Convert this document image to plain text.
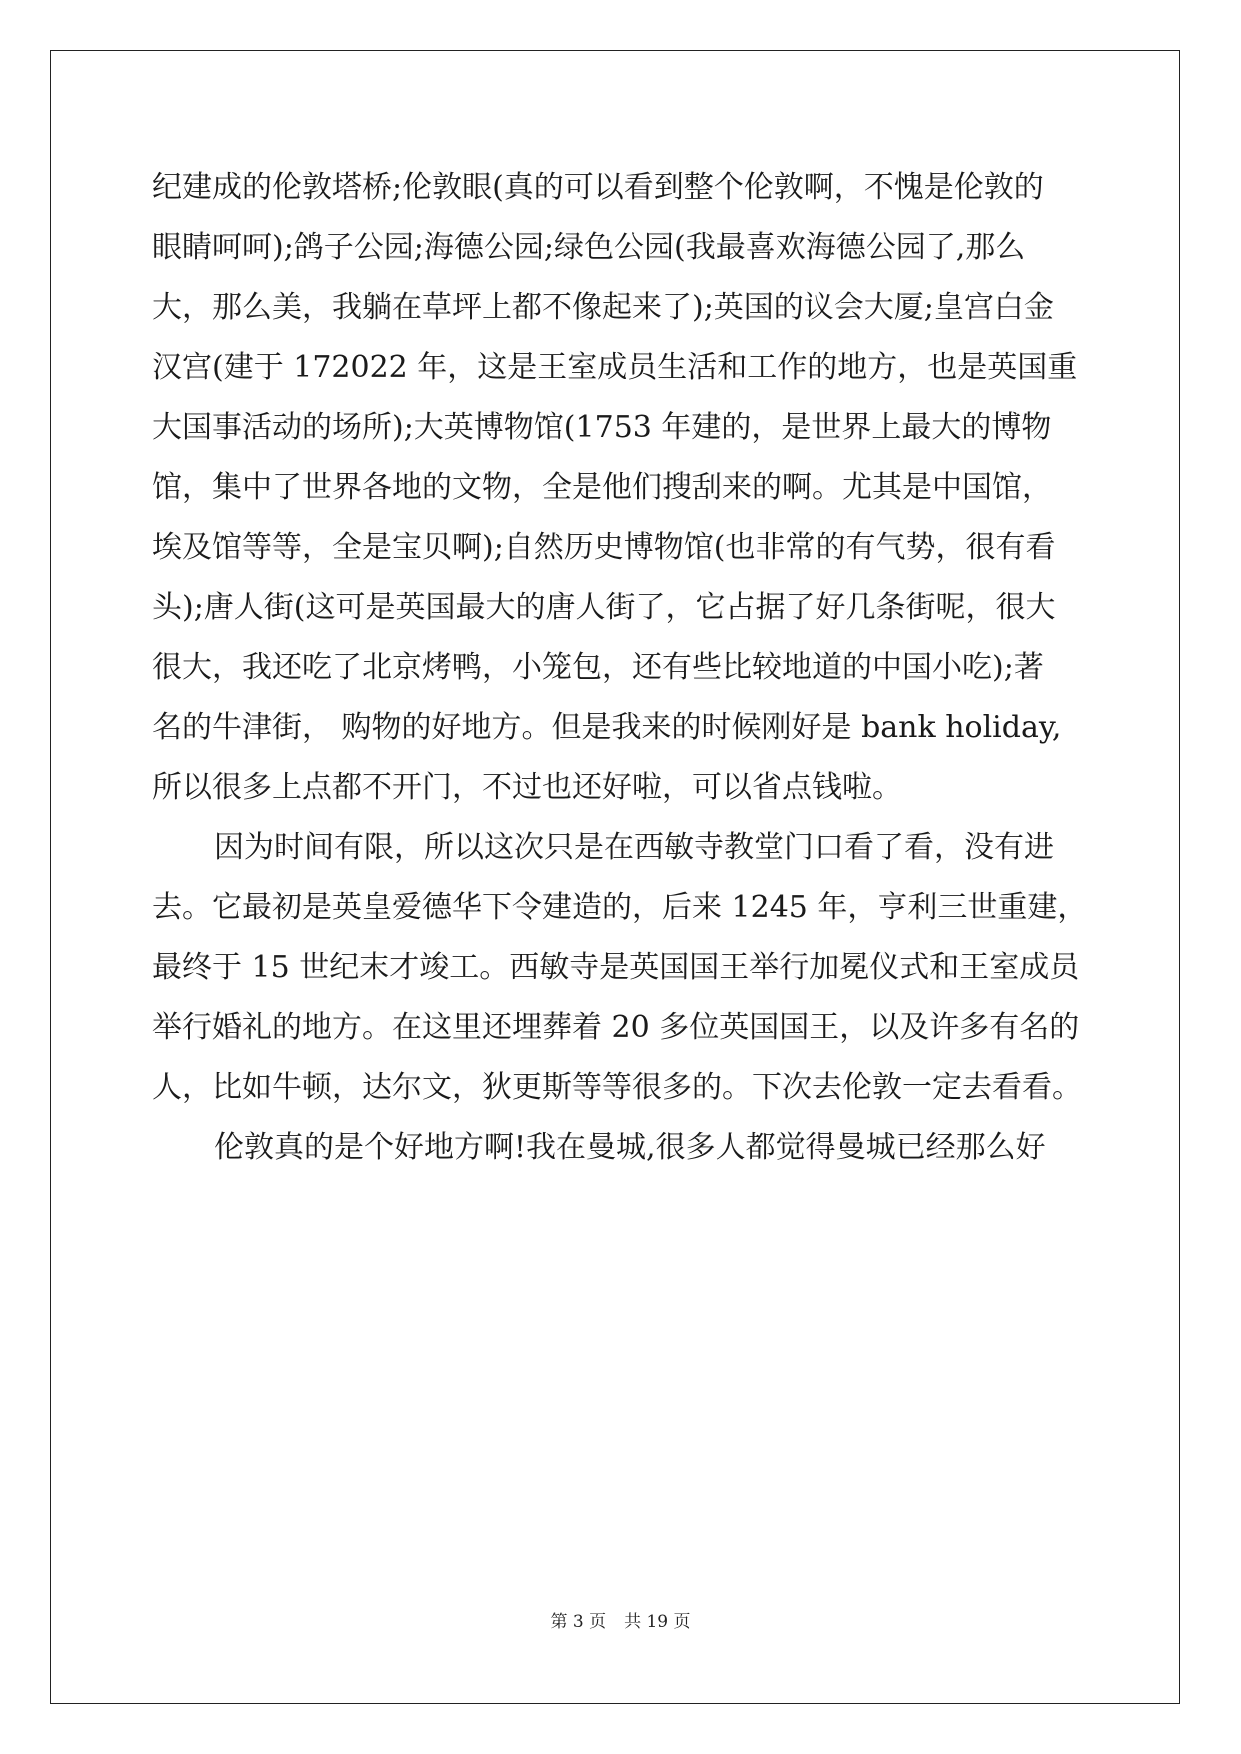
纪建成的伦敦塔桥;伦敦眼(真的可以看到整个伦敦啊，不愧是伦敦的
眼睛呵呵);鸽子公园;海德公园;绿色公园(我最喜欢海德公园了,那么
大，那么美，我躺在草坪上都不像起来了);英国的议会大厦;皇宫白金
汉宫(建于 172022 年，这是王室成员生活和工作的地方，也是英国重
大国事活动的场所);大英博物馆(1753 年建的，是世界上最大的博物
馆，集中了世界各地的文物，全是他们搜刮来的啊。尤其是中国馆，
埃及馆等等，全是宝贝啊);自然历史博物馆(也非常的有气势，很有看
头);唐人街(这可是英国最大的唐人街了，它占据了好几条街呢，很大
很大，我还吃了北京烤鸭，小笼包，还有些比较地道的中国小吃);著
名的牛津街， 购物的好地方。但是我来的时候刚好是 bank holiday,
所以很多上点都不开门，不过也还好啦，可以省点钱啦。
因为时间有限，所以这次只是在西敏寺教堂门口看了看，没有进
去。它最初是英皇爱德华下令建造的，后来 1245 年，亨利三世重建，
最终于 15 世纪末才竣工。西敏寺是英国国王举行加冕仪式和王室成员
举行婚礼的地方。在这里还埋葬着 20 多位英国国王，以及许多有名的
人，比如牛顿，达尔文，狄更斯等等很多的。下次去伦敦一定去看看。
伦敦真的是个好地方啊!我在曼城,很多人都觉得曼城已经那么好
第 3 页 共 19 页
